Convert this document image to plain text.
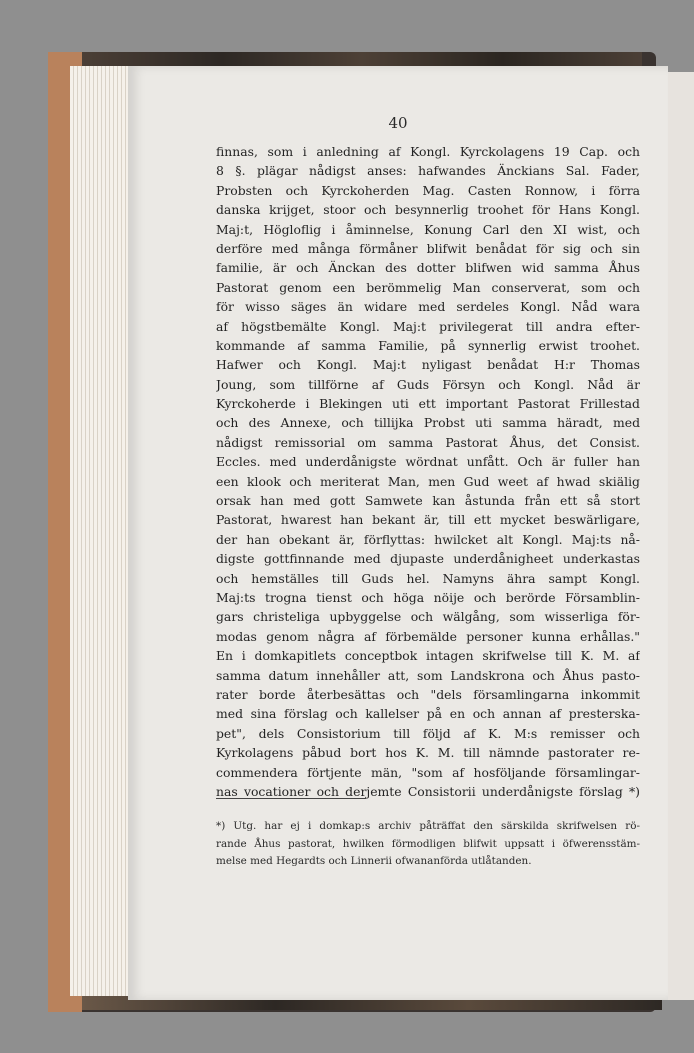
40
finnas, som i anledning af Kongl. Kyrckolagens 19 Cap. och
8 §. plägar nådigst anses: hafwandes Änckians Sal. Fader,
Probsten och Kyrckoherden Mag. Casten Ronnow, i förra
danska krijget, stoor och besynnerlig troohet för Hans Kongl.
Maj:t, Högloflig i åminnelse, Konung Carl den XI wist, och
derföre med många förmåner blifwit benådat för sig och sin
familie, är och Änckan des dotter blifwen wid samma Åhus
Pastorat genom een berömmelig Man conserverat, som och
för wisso säges än widare med serdeles Kongl. Nåd wara
af högstbemälte Kongl. Maj:t privilegerat till andra efter-
kommande af samma Familie, på synnerlig erwist troohet.
Hafwer och Kongl. Maj:t nyligast benådat H:r Thomas
Joung, som tillförne af Guds Försyn och Kongl. Nåd är
Kyrckoherde i Blekingen uti ett important Pastorat Frillestad
och des Annexe, och tillijka Probst uti samma häradt, med
nådigst remissorial om samma Pastorat Åhus, det Consist.
Eccles. med underdånigste wördnat unfått. Och är fuller han
een klook och meriterat Man, men Gud weet af hwad skiälig
orsak han med gott Samwete kan åstunda från ett så stort
Pastorat, hwarest han bekant är, till ett mycket beswärligare,
der han obekant är, förflyttas: hwilcket alt Kongl. Maj:ts nå-
digste gottfinnande med djupaste underdånigheet underkastas
och hemställes till Guds hel. Namyns ähra sampt Kongl.
Maj:ts trogna tienst och höga nöije och berörde Församblin-
gars christeliga upbyggelse och wälgång, som wisserliga för-
modas genom några af förbemälde personer kunna erhållas."
En i domkapitlets conceptbok intagen skrifwelse till K. M. af
samma datum innehåller att, som Landskrona och Åhus pasto-
rater borde återbesättas och "dels församlingarna inkommit
med sina förslag och kallelser på en och annan af presterska-
pet", dels Consistorium till följd af K. M:s remisser och
Kyrkolagens påbud bort hos K. M. till nämnde pastorater re-
commendera förtjente män, "som af hosföljande församlingar-
nas vocationer och derjemte Consistorii underdånigste förslag *)
*) Utg. har ej i domkap:s archiv påträffat den särskilda skrifwelsen rö-
rande Åhus pastorat, hwilken förmodligen blifwit uppsatt i öfwerensstäm-
melse med Hegardts och Linnerii ofwananförda utlåtanden.
